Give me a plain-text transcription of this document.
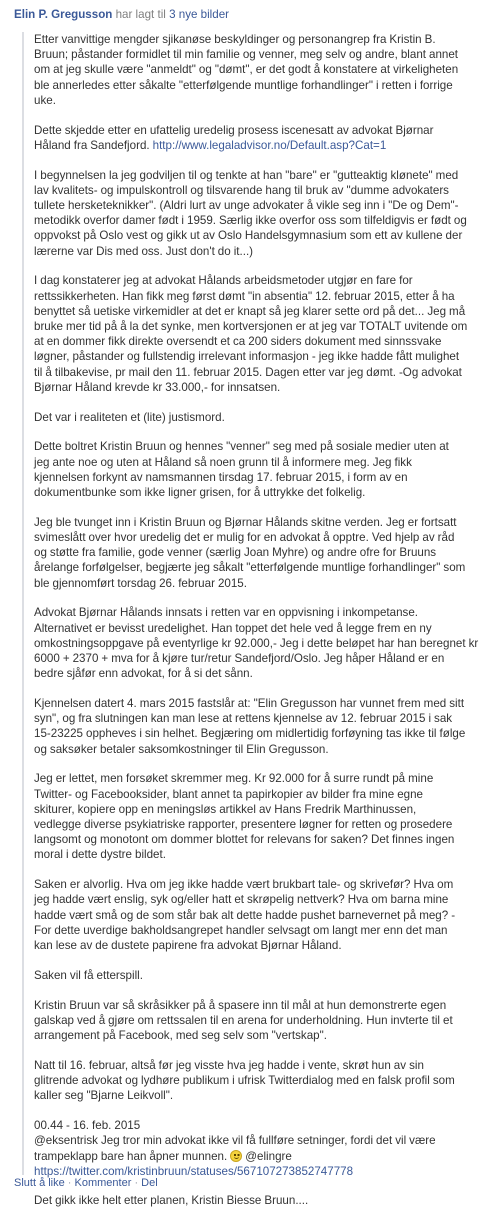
Elin P. Gregusson har lagt til 3 nye bilder

Etter vanvittige mengder sjikanøse beskyldinger og personangrep fra Kristin B.
Bruun; påstander formidlet til min familie og venner, meg selv og andre, blant annet
om at jeg skulle være "anmeldt" og "dømt", er det godt å konstatere at virkeligheten
ble annerledes etter såkalte "etterfølgende muntlige forhandlinger" i retten i forrige
uke.

Dette skjedde etter en ufattelig uredelig prosess iscenesatt av advokat Bjørnar
Håland fra Sandefjord. http://www.legaladvisor.no/Default.asp?Cat=1

I begynnelsen la jeg godviljen til og tenkte at han "bare" er "gutteaktig klønete" med
lav kvalitets- og impulskontroll og tilsvarende hang til bruk av "dumme advokaters
tullete hersketeknikker". (Aldri lurt av unge advokater å vikle seg inn i "De og Dem"-
metodikk overfor damer født i 1959. Særlig ikke overfor oss som tilfeldigvis er født og
oppvokst på Oslo vest og gikk ut av Oslo Handelsgymnasium som ett av kullene der
lærerne var Dis med oss. Just don't do it...)

I dag konstaterer jeg at advokat Hålands arbeidsmetoder utgjør en fare for
rettssikkerheten. Han fikk meg først dømt "in absentia" 12. februar 2015, etter å ha
benyttet så uetiske virkemidler at det er knapt så jeg klarer sette ord på det... Jeg må
bruke mer tid på å la det synke, men kortversjonen er at jeg var TOTALT uvitende om
at en dommer fikk direkte oversendt et ca 200 siders dokument med sinnssvake
løgner, påstander og fullstendig irrelevant informasjon - jeg ikke hadde fått mulighet
til å tilbakevise, pr mail den 11. februar 2015. Dagen etter var jeg dømt. -Og advokat
Bjørnar Håland krevde kr 33.000,- for innsatsen.

Det var i realiteten et (lite) justismord.

Dette boltret Kristin Bruun og hennes "venner" seg med på sosiale medier uten at
jeg ante noe og uten at Håland så noen grunn til å informere meg. Jeg fikk
kjennelsen forkynt av namsmannen tirsdag 17. februar 2015, i form av en
dokumentbunke som ikke ligner grisen, for å uttrykke det folkelig.

Jeg ble tvunget inn i Kristin Bruun og Bjørnar Hålands skitne verden. Jeg er fortsatt
svimeslått over hvor uredelig det er mulig for en advokat å opptre. Ved hjelp av råd
og støtte fra familie, gode venner (særlig Joan Myhre) og andre ofre for Bruuns
årelange forfølgelser, begjærte jeg såkalt "etterfølgende muntlige forhandlinger" som
ble gjennomført torsdag 26. februar 2015.

Advokat Bjørnar Hålands innsats i retten var en oppvisning i inkompetanse.
Alternativet er bevisst uredelighet. Han toppet det hele ved å legge frem en ny
omkostningsoppgave på eventyrlige kr 92.000,- Jeg i dette beløpet har han beregnet kr
6000 + 2370 + mva for å kjøre tur/retur Sandefjord/Oslo. Jeg håper Håland er en
bedre sjåfør enn advokat, for å si det sånn.

Kjennelsen datert 4. mars 2015 fastslår at: "Elin Gregusson har vunnet frem med sitt
syn", og fra slutningen kan man lese at rettens kjennelse av 12. februar 2015 i sak
15-23225 oppheves i sin helhet. Begjæring om midlertidig forføyning tas ikke til følge
og saksøker betaler saksomkostninger til Elin Gregusson.

Jeg er lettet, men forsøket skremmer meg. Kr 92.000 for å surre rundt på mine
Twitter- og Facebooksider, blant annet ta papirkopier av bilder fra mine egne
skiturer, kopiere opp en meningsløs artikkel av Hans Fredrik Marthinussen,
vedlegge diverse psykiatriske rapporter, presentere løgner for retten og prosedere
langsomt og monotont om dommer blottet for relevans for saken? Det finnes ingen
moral i dette dystre bildet.

Saken er alvorlig. Hva om jeg ikke hadde vært brukbart tale- og skrivefør? Hva om
jeg hadde vært enslig, syk og/eller hatt et skrøpelig nettverk? Hva om barna mine
hadde vært små og de som står bak alt dette hadde pushet barnevernet på meg? -
For dette uverdige bakholdsangrepet handler selvsagt om langt mer enn det man
kan lese av de dustete papirene fra advokat Bjørnar Håland.

Saken vil få etterspill.

Kristin Bruun var så skråsikker på å spasere inn til mål at hun demonstrerte egen
galskap ved å gjøre om rettssalen til en arena for underholdning. Hun invterte til et
arrangement på Facebook, med seg selv som "vertskap".

Natt til 16. februar, altså før jeg visste hva jeg hadde i vente, skrøt hun av sin
glitrende advokat og lydhøre publikum i ufrisk Twitterdialog med en falsk profil som
kaller seg "Bjarne Leikvoll".

00.44 - 16. feb. 2015
@eksentrisk Jeg tror min advokat ikke vil få fullføre setninger, fordi det vil være
trampeklapp bare han åpner munnen.  @elingre
https://twitter.com/kristinbruun/statuses/567107273852747778

Det gikk ikke helt etter planen, Kristin Biesse Bruun....

Slutt å like · Kommenter · Del
